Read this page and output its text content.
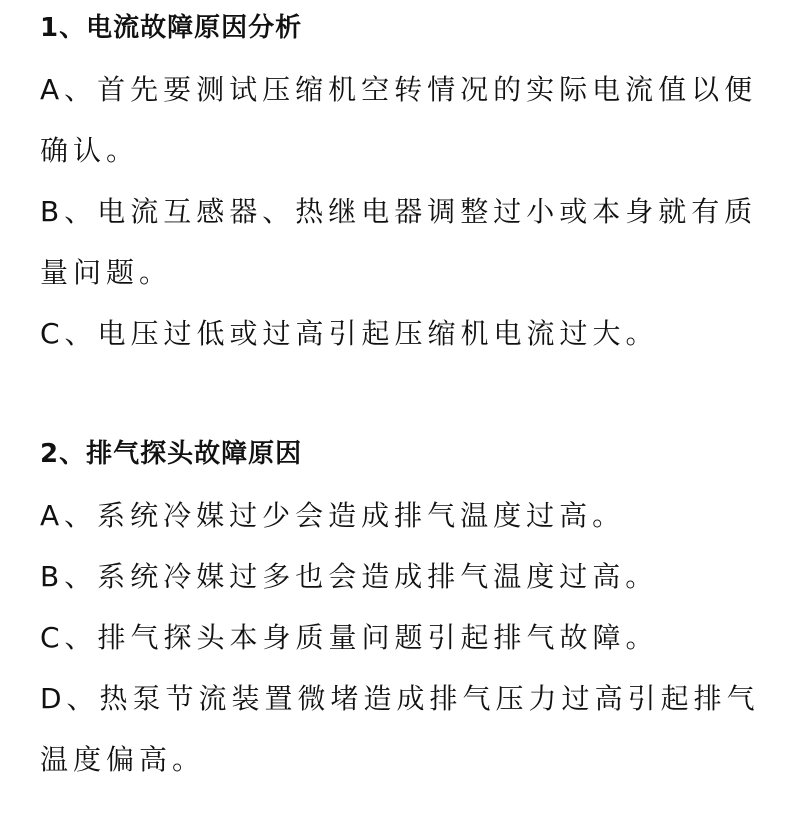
1、电流故障原因分析
A、首先要测试压缩机空转情况的实际电流值以便确认。
B、电流互感器、热继电器调整过小或本身就有质量问题。
C、电压过低或过高引起压缩机电流过大。
2、排气探头故障原因
A、系统冷媒过少会造成排气温度过高。
B、系统冷媒过多也会造成排气温度过高。
C、排气探头本身质量问题引起排气故障。
D、热泵节流装置微堵造成排气压力过高引起排气温度偏高。
